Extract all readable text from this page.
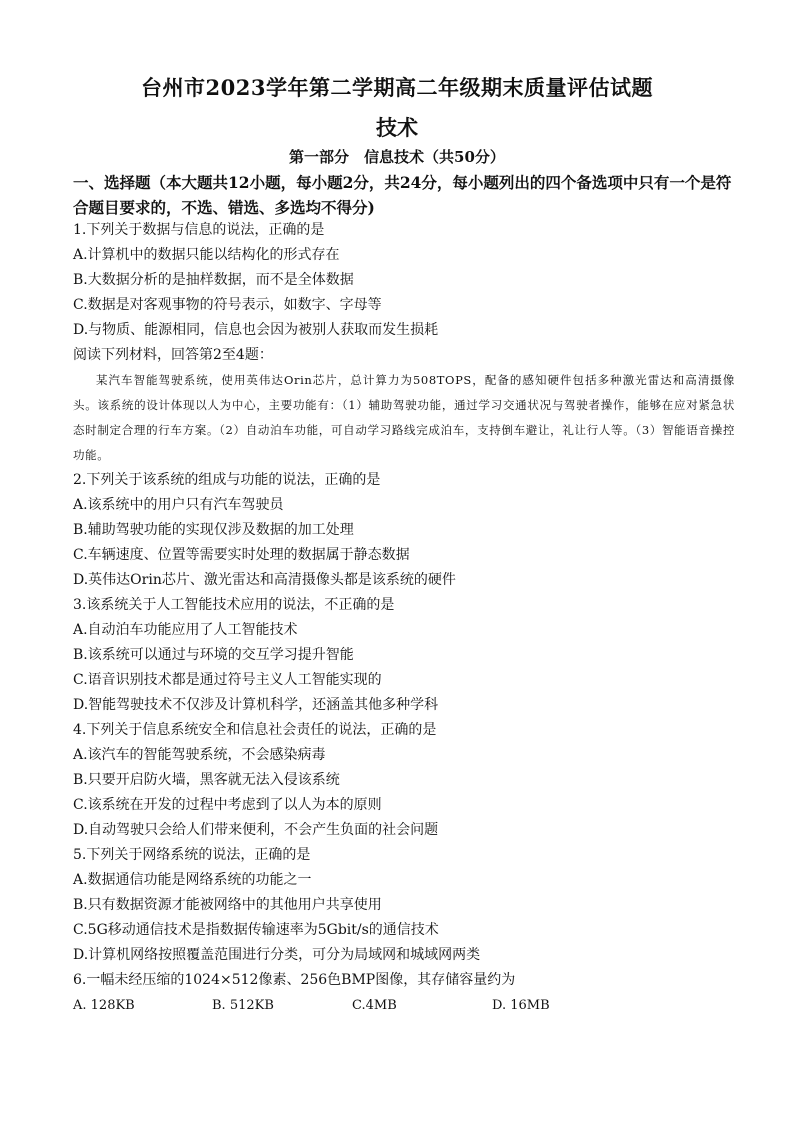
台州市2023学年第二学期高二年级期末质量评估试题
技术
第一部分　信息技术（共50分）
一、选择题（本大题共12小题，每小题2分，共24分，每小题列出的四个备选项中只有一个是符合题目要求的，不选、错选、多选均不得分)
1.下列关于数据与信息的说法，正确的是
A.计算机中的数据只能以结构化的形式存在
B.大数据分析的是抽样数据，而不是全体数据
C.数据是对客观事物的符号表示，如数字、字母等
D.与物质、能源相同，信息也会因为被别人获取而发生损耗
阅读下列材料，回答第2至4题：
某汽车智能驾驶系统，使用英伟达Orin芯片，总计算力为508TOPS，配备的感知硬件包括多种激光雷达和高清摄像头。该系统的设计体现以人为中心，主要功能有：（1）辅助驾驶功能，通过学习交通状况与驾驶者操作，能够在应对紧急状态时制定合理的行车方案。（2）自动泊车功能，可自动学习路线完成泊车，支持倒车避让，礼让行人等。（3）智能语音操控功能。
2.下列关于该系统的组成与功能的说法，正确的是
A.该系统中的用户只有汽车驾驶员
B.辅助驾驶功能的实现仅涉及数据的加工处理
C.车辆速度、位置等需要实时处理的数据属于静态数据
D.英伟达Orin芯片、激光雷达和高清摄像头都是该系统的硬件
3.该系统关于人工智能技术应用的说法，不正确的是
A.自动泊车功能应用了人工智能技术
B.该系统可以通过与环境的交互学习提升智能
C.语音识别技术都是通过符号主义人工智能实现的
D.智能驾驶技术不仅涉及计算机科学，还涵盖其他多种学科
4.下列关于信息系统安全和信息社会责任的说法，正确的是
A.该汽车的智能驾驶系统，不会感染病毒
B.只要开启防火墙，黑客就无法入侵该系统
C.该系统在开发的过程中考虑到了以人为本的原则
D.自动驾驶只会给人们带来便利，不会产生负面的社会问题
5.下列关于网络系统的说法，正确的是
A.数据通信功能是网络系统的功能之一
B.只有数据资源才能被网络中的其他用户共享使用
C.5G移动通信技术是指数据传输速率为5Gbit/s的通信技术
D.计算机网络按照覆盖范围进行分类，可分为局域网和城域网两类
6.一幅未经压缩的1024×512像素、256色BMP图像，其存储容量约为
A. 128KB	B. 512KB	C.4MB	D. 16MB
